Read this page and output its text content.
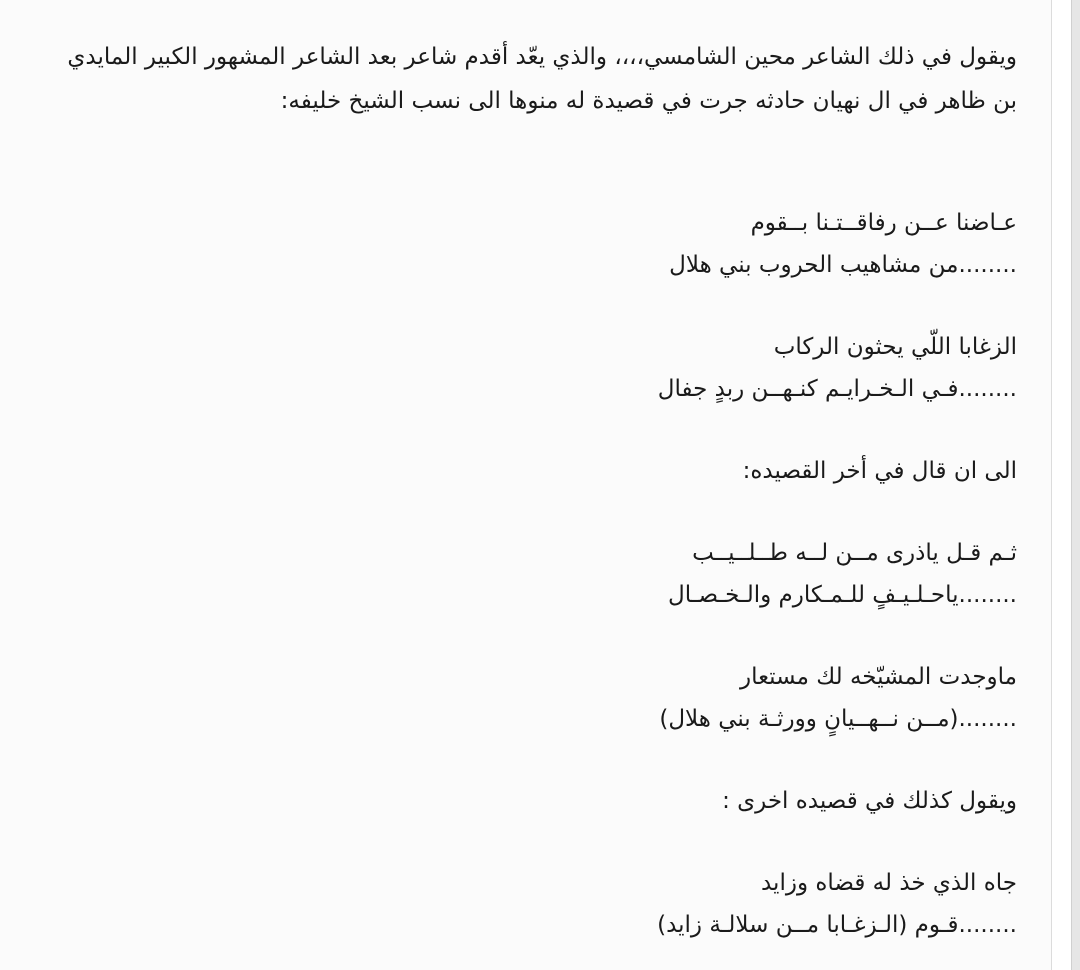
ويقول في ذلك الشاعر محين الشامسي،،،، والذي يعّد أقدم شاعر بعد الشاعر المشهور الكبير المايدي
بن ظاهر في ال نهيان حادثه جرت في قصيدة له منوها الى نسب الشيخ خليفه:
عـاضنا عــن رفاقــتـنا بــقوم
........من مشاهيب الحروب بني هلال
الزغابا اللّي يحثون الركاب
........فـي الـخـرايـم كنـهــن ربدٍ جفال
الى ان قال في أخر القصيده:
ثـم قـل ياذرى مــن لــه طــلــيــب
........ياحـلـيـفٍ للـمـكارم والـخـصـال
ماوجدت المشيّخه لك مستعار
........(مــن نــهــيانٍ وورثـة بني هلال)
ويقول كذلك في قصيده اخرى :
جاه الذي خذ له قضاه وزايد
........قـوم (الـزغـابا مــن سلالـة زايد)
